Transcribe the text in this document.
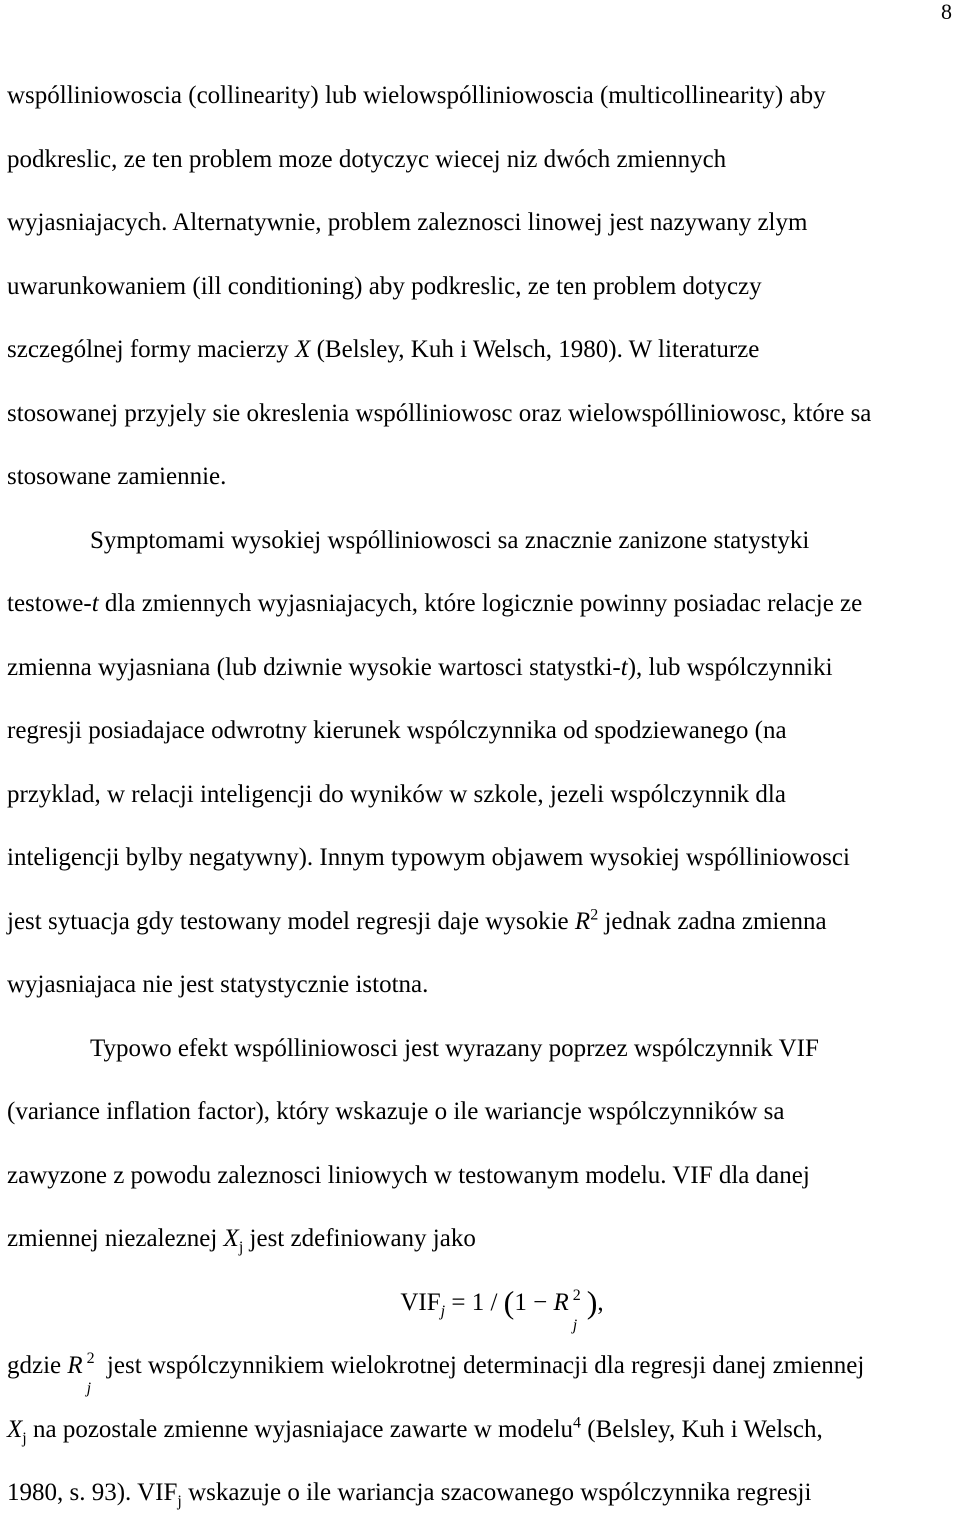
8

wspólliniowoscia (collinearity) lub wielowspólliniowoscia (multicollinearity) aby
podkreslic, ze ten problem moze dotyczyc wiecej niz dwóch zmiennych
wyjasniajacych. Alternatywnie, problem zaleznosci linowej jest nazywany zlym
uwarunkowaniem (ill conditioning) aby podkreslic, ze ten problem dotyczy
szczególnej formy macierzy X (Belsley, Kuh i Welsch, 1980). W literaturze
stosowanej przyjely sie okreslenia wspólliniowosc oraz wielowspólliniowosc, które sa
stosowane zamiennie.

Symptomami wysokiej wspólliniowosci sa znacznie zanizone statystyki
testowe-t dla zmiennych wyjasniajacych, które logicznie powinny posiadac relacje ze
zmienna wyjasniana (lub dziwnie wysokie wartosci statystki-t), lub wspólczynniki
regresji posiadajace odwrotny kierunek wspólczynnika od spodziewanego (na
przyklad, w relacji inteligencji do wyników w szkole, jezeli wspólczynnik dla
inteligencji bylby negatywny). Innym typowym objawem wysokiej wspólliniowosci
jest sytuacja gdy testowany model regresji daje wysokie $R^2$ jednak zadna zmienna
wyjasniajaca nie jest statystycznie istotna.

Typowo efekt wspólliniowosci jest wyrazany poprzez wspólczynnik VIF
(variance inflation factor), który wskazuje o ile wariancje wspólczynników sa
zawyzone z powodu zaleznosci liniowych w testowanym modelu. VIF dla danej
zmiennej niezaleznej $X_j$ jest zdefiniowany jako

$VIF_j = 1 / (1 - R$ 2
j
),

gdzie R 2
j
jest wspólczynnikiem wielokrotnej determinacji dla regresji danej zmiennej
$X_j$ na pozostale zmienne wyjasniajace zawarte w modelu$^4$ (Belsley, Kuh i Welsch,
1980, s. 93). $VIF_j$ wskazuje o ile wariancja szacowanego wspólczynnika regresji
